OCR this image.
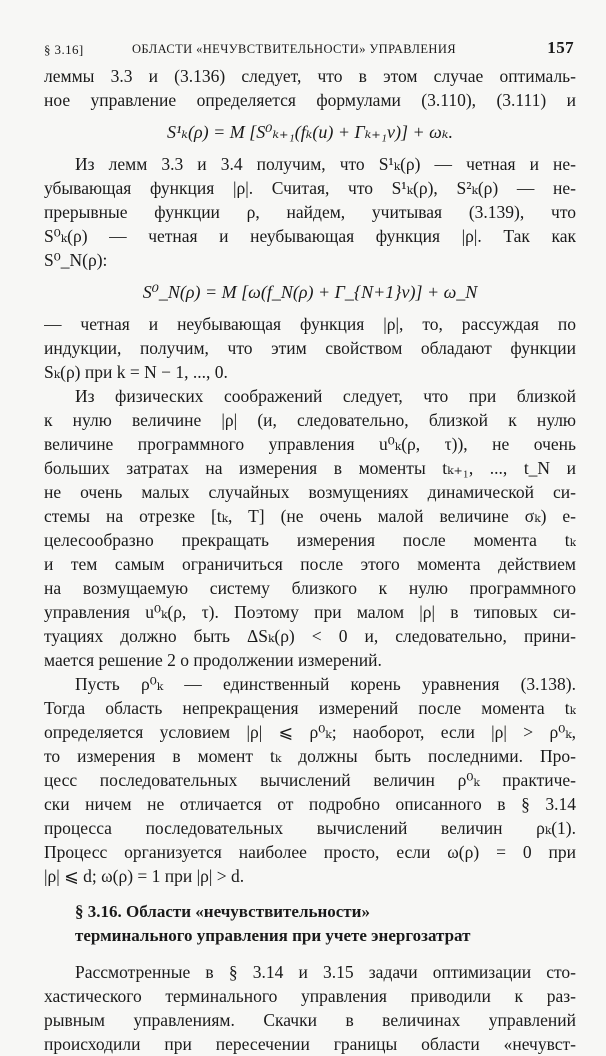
§ 3.16]	ОБЛАСТИ «НЕЧУВСТВИТЕЛЬНОСТИ» УПРАВЛЕНИЯ	157
леммы 3.3 и (3.136) следует, что в этом случае оптималь-
ное управление определяется формулами (3.110), (3.111) и
S¹ₖ(ρ) = M [S⁰ₖ₊₁(fₖ(u) + Γₖ₊₁v)] + ωₖ.
Из лемм 3.3 и 3.4 получим, что S¹ₖ(ρ) — четная и не-
убывающая функция |ρ|. Считая, что S¹ₖ(ρ), S²ₖ(ρ) — не-
прерывные функции ρ, найдем, учитывая (3.139), что
S⁰ₖ(ρ) — четная и неубывающая функция |ρ|. Так как
S⁰_N(ρ):
S⁰_N(ρ) = M [ω(f_N(ρ) + Γ_{N+1}v)] + ω_N
— четная и неубывающая функция |ρ|, то, рассуждая по
индукции, получим, что этим свойством обладают функции
Sₖ(ρ) при k = N − 1, ..., 0.
Из физических соображений следует, что при близкой
к нулю величине |ρ| (и, следовательно, близкой к нулю
величине программного управления u⁰ₖ(ρ, τ)), не очень
больших затратах на измерения в моменты tₖ₊₁, ..., t_N и
не очень малых случайных возмущениях динамической си-
стемы на отрезке [tₖ, T] (не очень малой величине σₖ) е-
целесообразно прекращать измерения после момента tₖ
и тем самым ограничиться после этого момента действием
на возмущаемую систему близкого к нулю программного
управления u⁰ₖ(ρ, τ). Поэтому при малом |ρ| в типовых си-
туациях должно быть ΔSₖ(ρ) < 0 и, следовательно, прини-
мается решение 2 о продолжении измерений.
Пусть ρ⁰ₖ — единственный корень уравнения (3.138).
Тогда область непрекращения измерений после момента tₖ
определяется условием |ρ| ⩽ ρ⁰ₖ; наоборот, если |ρ| > ρ⁰ₖ,
то измерения в момент tₖ должны быть последними. Про-
цесс последовательных вычислений величин ρ⁰ₖ практиче-
ски ничем не отличается от подробно описанного в § 3.14
процесса последовательных вычислений величин ρₖ(1).
Процесс организуется наиболее просто, если ω(ρ) = 0 при
|ρ| ⩽ d; ω(ρ) = 1 при |ρ| > d.
§ 3.16. Области «нечувствительности»
терминального управления при учете энергозатрат
Рассмотренные в § 3.14 и 3.15 задачи оптимизации сто-
хастического терминального управления приводили к раз-
рывным управлениям. Скачки в величинах управлений
происходили при пересечении границы области «нечувст-
